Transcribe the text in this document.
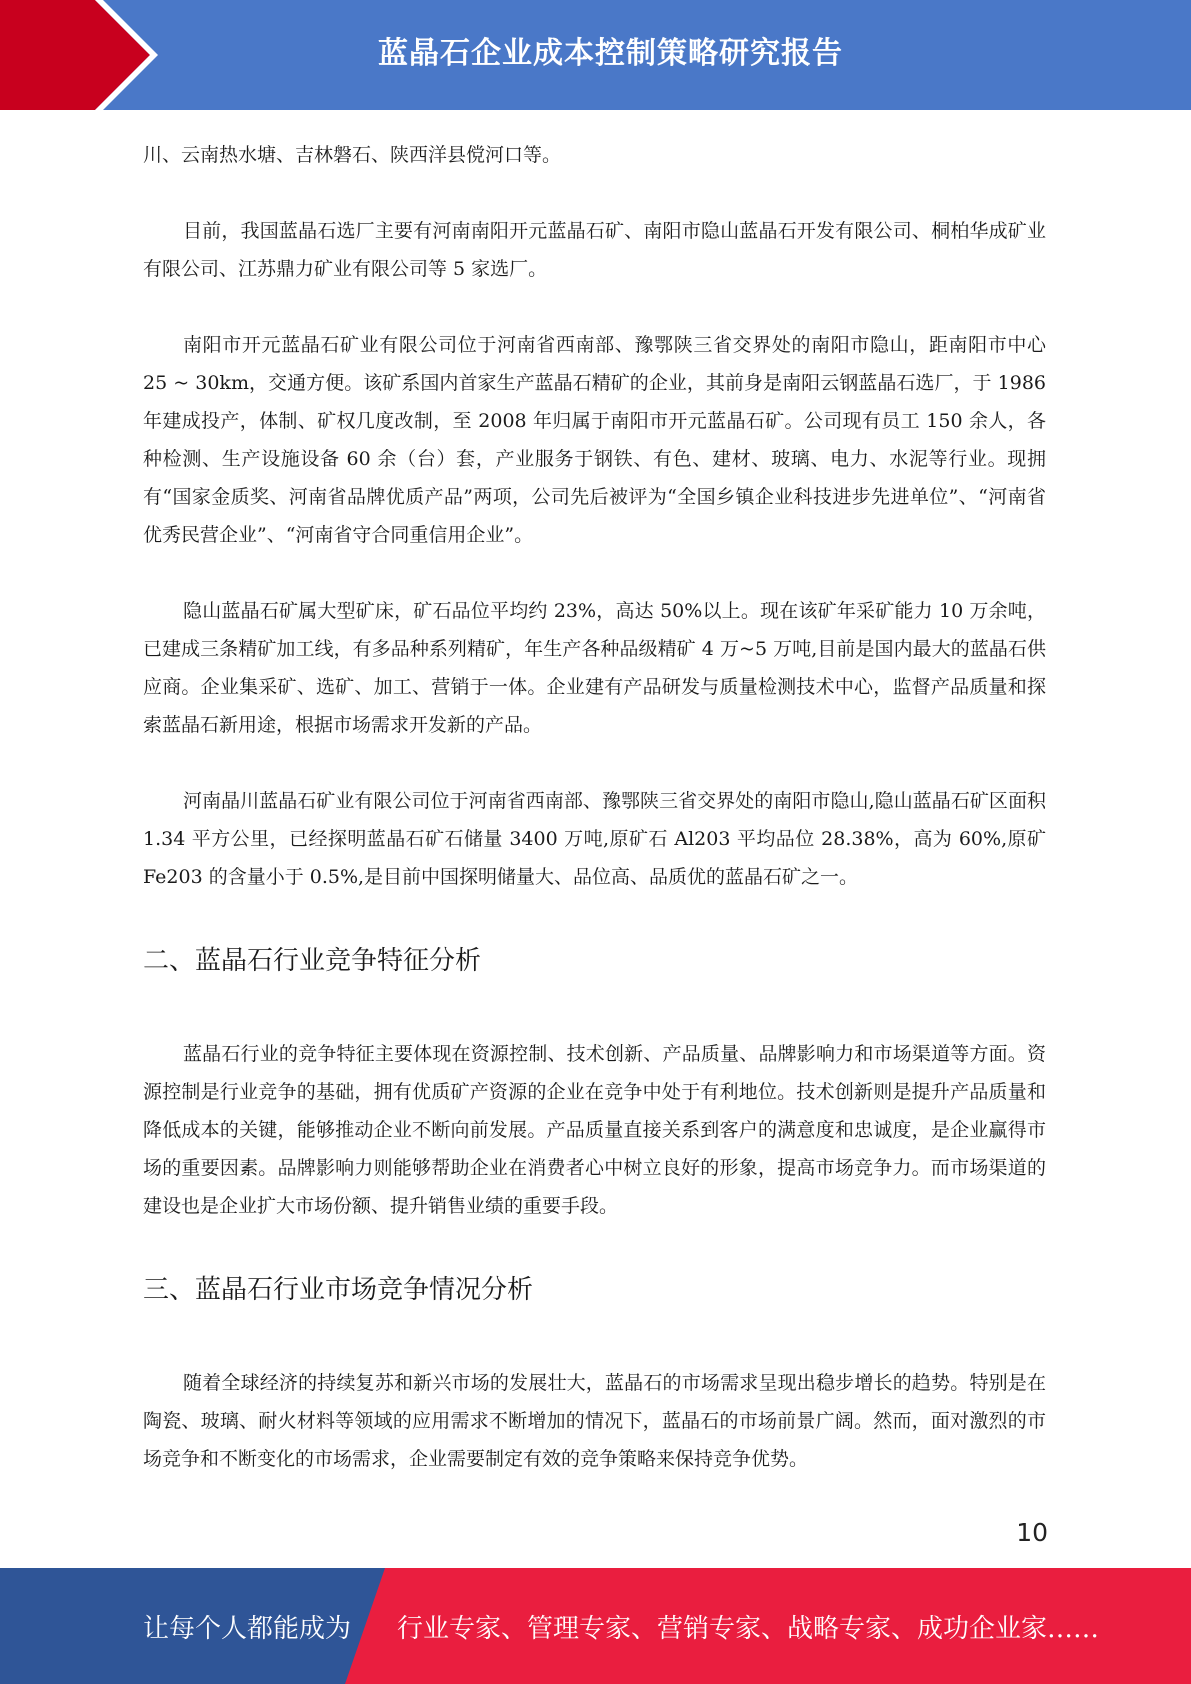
蓝晶石企业成本控制策略研究报告

川、云南热水塘、吉林磐石、陕西洋县傥河口等。

目前，我国蓝晶石选厂主要有河南南阳开元蓝晶石矿、南阳市隐山蓝晶石开发有限公司、桐柏华成矿业有限公司、江苏鼎力矿业有限公司等 5 家选厂。

南阳市开元蓝晶石矿业有限公司位于河南省西南部、豫鄂陕三省交界处的南阳市隐山，距南阳市中心 25 ~ 30km，交通方便。该矿系国内首家生产蓝晶石精矿的企业，其前身是南阳云钢蓝晶石选厂，于 1986 年建成投产，体制、矿权几度改制，至 2008 年归属于南阳市开元蓝晶石矿。公司现有员工 150 余人，各种检测、生产设施设备 60 余（台）套，产业服务于钢铁、有色、建材、玻璃、电力、水泥等行业。现拥有“国家金质奖、河南省品牌优质产品”两项，公司先后被评为“全国乡镇企业科技进步先进单位”、“河南省优秀民营企业”、“河南省守合同重信用企业”。

隐山蓝晶石矿属大型矿床，矿石品位平均约 23%，高达 50%以上。现在该矿年采矿能力 10 万余吨，已建成三条精矿加工线，有多品种系列精矿，年生产各种品级精矿 4 万~5 万吨,目前是国内最大的蓝晶石供应商。企业集采矿、选矿、加工、营销于一体。企业建有产品研发与质量检测技术中心，监督产品质量和探索蓝晶石新用途，根据市场需求开发新的产品。

河南晶川蓝晶石矿业有限公司位于河南省西南部、豫鄂陕三省交界处的南阳市隐山,隐山蓝晶石矿区面积 1.34 平方公里，已经探明蓝晶石矿石储量 3400 万吨,原矿石 Al203 平均品位 28.38%，高为 60%,原矿 Fe203 的含量小于 0.5%,是目前中国探明储量大、品位高、品质优的蓝晶石矿之一。

二、蓝晶石行业竞争特征分析

蓝晶石行业的竞争特征主要体现在资源控制、技术创新、产品质量、品牌影响力和市场渠道等方面。资源控制是行业竞争的基础，拥有优质矿产资源的企业在竞争中处于有利地位。技术创新则是提升产品质量和降低成本的关键，能够推动企业不断向前发展。产品质量直接关系到客户的满意度和忠诚度，是企业赢得市场的重要因素。品牌影响力则能够帮助企业在消费者心中树立良好的形象，提高市场竞争力。而市场渠道的建设也是企业扩大市场份额、提升销售业绩的重要手段。

三、蓝晶石行业市场竞争情况分析

随着全球经济的持续复苏和新兴市场的发展壮大，蓝晶石的市场需求呈现出稳步增长的趋势。特别是在陶瓷、玻璃、耐火材料等领域的应用需求不断增加的情况下，蓝晶石的市场前景广阔。然而，面对激烈的市场竞争和不断变化的市场需求，企业需要制定有效的竞争策略来保持竞争优势。

10
让每个人都能成为 行业专家、管理专家、营销专家、战略专家、成功企业家……
